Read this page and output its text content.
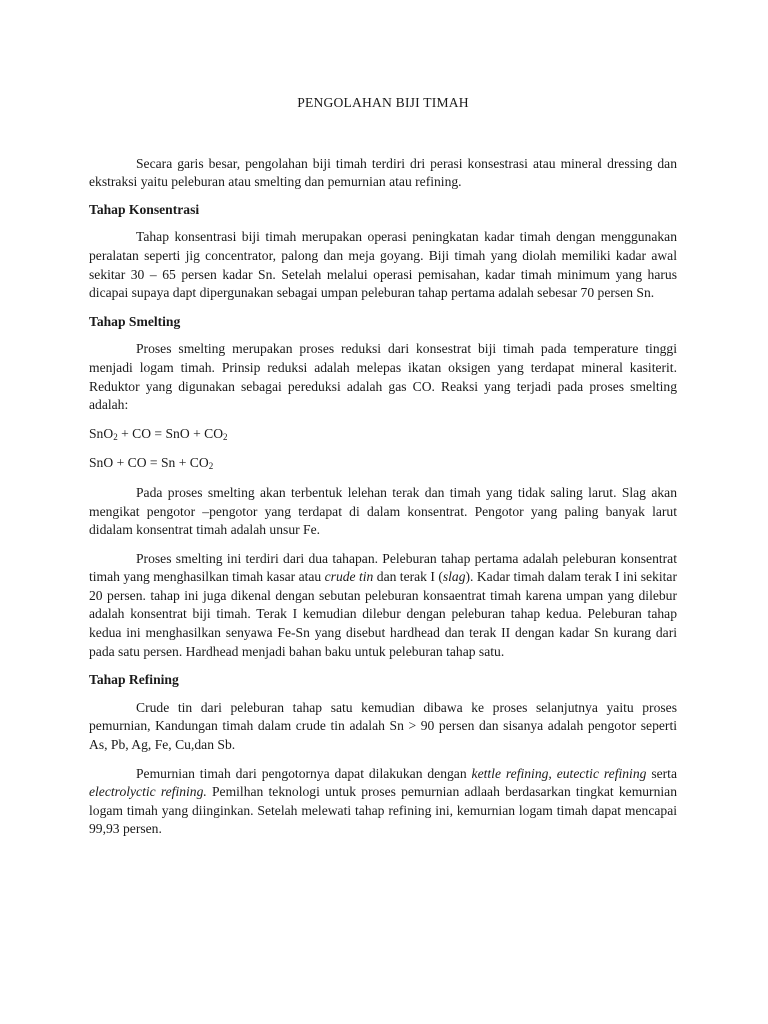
PENGOLAHAN BIJI TIMAH

Secara garis besar, pengolahan biji timah terdiri dri perasi konsestrasi atau mineral dressing dan ekstraksi yaitu peleburan atau smelting dan pemurnian atau refining.

Tahap Konsentrasi

Tahap konsentrasi biji timah merupakan operasi peningkatan kadar timah dengan menggunakan peralatan seperti jig concentrator, palong dan meja goyang. Biji timah yang diolah memiliki kadar awal sekitar 30 – 65 persen kadar Sn. Setelah melalui operasi pemisahan, kadar timah minimum yang harus dicapai supaya dapt dipergunakan sebagai umpan peleburan tahap pertama adalah sebesar 70 persen Sn.

Tahap Smelting

Proses smelting merupakan proses reduksi dari konsestrat biji timah pada temperature tinggi menjadi logam timah. Prinsip reduksi adalah melepas ikatan oksigen yang terdapat mineral kasiterit. Reduktor yang digunakan sebagai pereduksi adalah gas CO. Reaksi yang terjadi pada proses smelting adalah:

SnO$_2$ + CO = SnO + $CO_2$

SnO + CO = $Sn + CO_2$

Pada proses smelting akan terbentuk lelehan terak dan timah yang tidak saling larut. Slag akan mengikat pengotor –pengotor yang terdapat di dalam konsentrat. Pengotor yang paling banyak larut didalam konsentrat timah adalah unsur Fe.

Proses smelting ini terdiri dari dua tahapan. Peleburan tahap pertama adalah peleburan konsentrat timah yang menghasilkan timah kasar atau crude tin dan terak I (slag). Kadar timah dalam terak I ini sekitar 20 persen. tahap ini juga dikenal dengan sebutan peleburan konsaentrat timah karena umpan yang dilebur adalah konsentrat biji timah. Terak I kemudian dilebur dengan peleburan tahap kedua. Peleburan tahap kedua ini menghasilkan senyawa Fe-Sn yang disebut hardhead dan terak II dengan kadar Sn kurang dari pada satu persen. Hardhead menjadi bahan baku untuk peleburan tahap satu.

Tahap Refining

Crude tin dari peleburan tahap satu kemudian dibawa ke proses selanjutnya yaitu proses pemurnian, Kandungan timah dalam crude tin adalah Sn > 90 persen dan sisanya adalah pengotor seperti As, Pb, Ag, Fe, Cu,dan Sb.

Pemurnian timah dari pengotornya dapat dilakukan dengan kettle refining, eutectic refining serta electrolyctic refining. Pemilhan teknologi untuk proses pemurnian adlaah berdasarkan tingkat kemurnian logam timah yang diinginkan. Setelah melewati tahap refining ini, kemurnian logam timah dapat mencapai 99,93 persen.
